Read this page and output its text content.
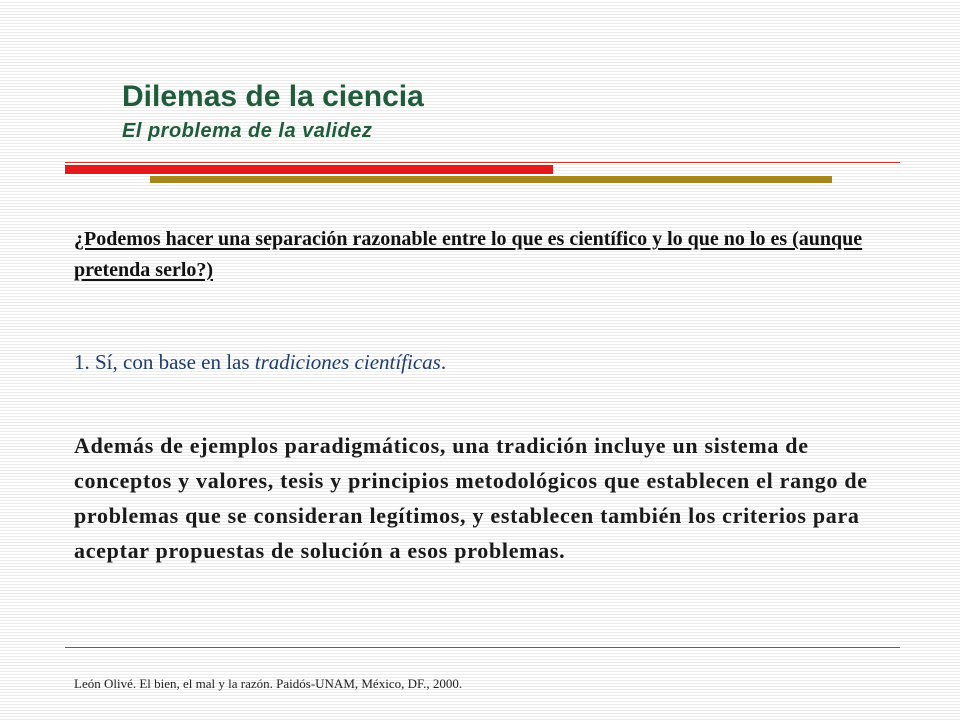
Dilemas de la ciencia
El problema de la validez
¿Podemos hacer una separación razonable entre lo que es científico y lo que no lo es (aunque pretenda serlo?)
1. Sí, con base en las tradiciones científicas.
Además de ejemplos paradigmáticos, una tradición incluye un sistema de conceptos y valores, tesis y principios metodológicos que establecen el rango de problemas que se consideran legítimos, y establecen también los criterios para aceptar propuestas de solución a esos problemas.
León Olivé. El bien, el mal y la razón. Paidós-UNAM, México, DF., 2000.
